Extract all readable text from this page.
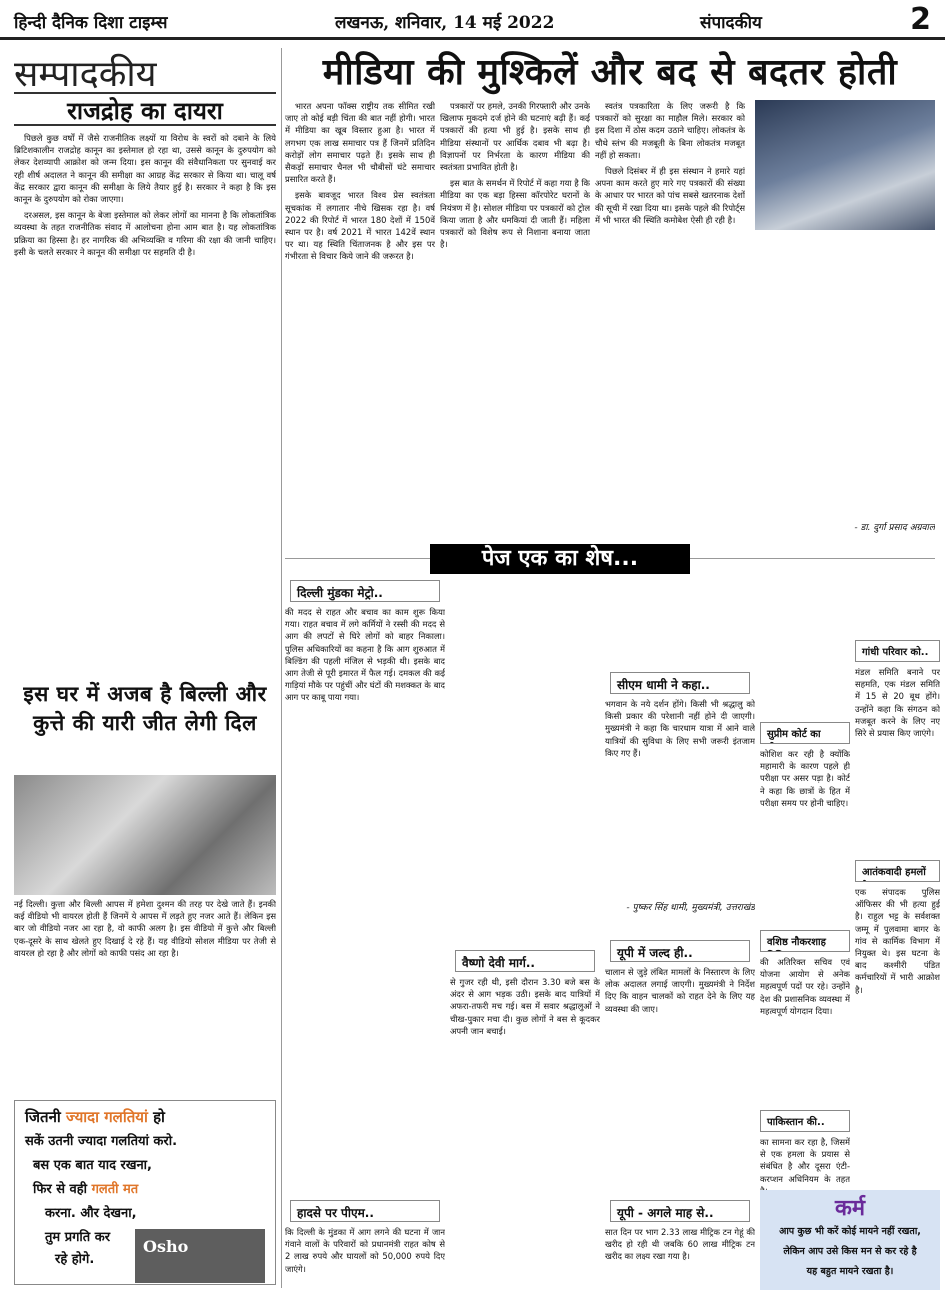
हिन्दी दैनिक दिशा टाइम्स	लखनऊ, शनिवार, 14 मई 2022	संपादकीय	2
सम्पादकीय
राजद्रोह का दायरा

पिछले कुछ वर्षों में जैसे राजनीतिक लक्ष्यों या विरोध के स्वरों को दबाने के लिये ब्रिटिशकालीन राजद्रोह कानून का इस्तेमाल हो रहा था, उससे कानून के दुरुपयोग को लेकर देशव्यापी आक्रोश को जन्म दिया। इस कानून की संवैधानिकता पर सुनवाई कर रही शीर्ष अदालत ने कानून की समीक्षा का आग्रह केंद्र सरकार से किया था। चालू वर्ष केंद्र सरकार द्वारा कानून की समीक्षा के लिये तैयार हुई है। सरकार ने कहा है कि इस कानून के दुरुपयोग को रोका जाएगा।

दरअसल, इस कानून के बेजा इस्तेमाल को लेकर लोगों का मानना है कि लोकतांत्रिक व्यवस्था के तहत राजनीतिक संवाद में आलोचना होना आम बात है। यह लोकतांत्रिक प्रक्रिया का हिस्सा है। हर नागरिक की अभिव्यक्ति व गरिमा की रक्षा की जानी चाहिए। इसी के चलते सरकार ने कानून की समीक्षा पर सहमति दी है।

इस घर में अजब है बिल्ली और कुत्ते की यारी जीत लेगी दिल
नई दिल्ली। कुत्ता और बिल्ली आपस में हमेशा दुश्मन की तरह पर देखे जाते हैं। इनकी कई वीडियो भी वायरल होती हैं जिनमें ये आपस में लड़ते हुए नजर आते हैं। लेकिन इस बार जो वीडियो नजर आ रहा है, वो काफी अलग है। इस वीडियो में कुत्ते और बिल्ली एक-दूसरे के साथ खेलते हुए दिखाई दे रहे हैं। यह वीडियो सोशल मीडिया पर तेजी से वायरल हो रहा है और लोगों को काफी पसंद आ रहा है।
जितनी ज्यादा गलतियां हो
सकें उतनी ज्यादा गलतियां करो.
बस एक बात याद रखना,
फिर से वही गलती मत
करना. और देखना,
तुम प्रगति कर
रहे होगे.
Osho
मीडिया की मुश्किलें और बद से बदतर होती

भारत अपना फॉक्स राष्ट्रीय तक सीमित रखी जाए तो कोई बड़ी चिंता की बात नहीं होगी। भारत में मीडिया का खूब विस्तार हुआ है। भारत में लगभग एक लाख समाचार पत्र हैं जिनमें प्रतिदिन करोड़ों लोग समाचार पढ़ते हैं। इसके साथ ही सैकड़ों समाचार चैनल भी चौबीसों घंटे समाचार प्रसारित करते हैं।

इसके बावजूद भारत विश्व प्रेस स्वतंत्रता सूचकांक में लगातार नीचे खिसक रहा है। वर्ष 2022 की रिपोर्ट में भारत 180 देशों में 150वें स्थान पर है। वर्ष 2021 में भारत 142वें स्थान पर था। यह स्थिति चिंताजनक है और इस पर गंभीरता से विचार किये जाने की जरूरत है।

पत्रकारों पर हमले, उनकी गिरफ्तारी और उनके खिलाफ मुकदमे दर्ज होने की घटनाएं बढ़ी हैं। कई पत्रकारों की हत्या भी हुई है। इसके साथ ही मीडिया संस्थानों पर आर्थिक दबाव भी बढ़ा है। विज्ञापनों पर निर्भरता के कारण मीडिया की स्वतंत्रता प्रभावित होती है।

इस बात के समर्थन में रिपोर्ट में कहा गया है कि मीडिया का एक बड़ा हिस्सा कॉरपोरेट घरानों के नियंत्रण में है। सोशल मीडिया पर पत्रकारों को ट्रोल किया जाता है और धमकियां दी जाती हैं। महिला पत्रकारों को विशेष रूप से निशाना बनाया जाता है।

स्वतंत्र पत्रकारिता के लिए जरूरी है कि पत्रकारों को सुरक्षा का माहौल मिले। सरकार को इस दिशा में ठोस कदम उठाने चाहिए। लोकतंत्र के चौथे स्तंभ की मजबूती के बिना लोकतंत्र मजबूत नहीं हो सकता।

पिछले दिसंबर में ही इस संस्थान ने हमारे यहां अपना काम करते हुए मारे गए पत्रकारों की संख्या के आधार पर भारत को पांच सबसे खतरनाक देशों की सूची में रखा दिया था। इसके पहले की रिपोर्ट्स में भी भारत की स्थिति कमोबेश ऐसी ही रही है।

- डा. दुर्गा प्रसाद अग्रवाल
पेज एक का शेष...
दिल्ली मुंडका मेट्रो..
की मदद से राहत और बचाव का काम शुरू किया गया। राहत बचाव में लगे कर्मियों ने रस्सी की मदद से आग की लपटों से घिरे लोगों को बाहर निकाला। पुलिस अधिकारियों का कहना है कि आग शुरुआत में बिल्डिंग की पहली मंजिल से भड़की थी। इसके बाद आग तेजी से पूरी इमारत में फैल गई। दमकल की कई गाड़ियां मौके पर पहुंचीं और घंटों की मशक्कत के बाद आग पर काबू पाया गया।
हादसे पर पीएम..
कि दिल्ली के मुंडका में आग लगने की घटना में जान गंवाने वालों के परिवारों को प्रधानमंत्री राहत कोष से 2 लाख रुपये और घायलों को 50,000 रुपये दिए जाएंगे।
वैष्णो देवी मार्ग..
से गुजर रही थी, इसी दौरान 3.30 बजे बस के अंदर से आग भड़क उठी। इसके बाद यात्रियों में अफरा-तफरी मच गई। बस में सवार श्रद्धालुओं ने चीख-पुकार मचा दी। कुछ लोगों ने बस से कूदकर अपनी जान बचाई।
सीएम धामी ने कहा..
भगवान के नये दर्शन होंगे। किसी भी श्रद्धालु को किसी प्रकार की परेशानी नहीं होने दी जाएगी। मुख्यमंत्री ने कहा कि चारधाम यात्रा में आने वाले यात्रियों की सुविधा के लिए सभी जरूरी इंतजाम किए गए हैं।
- पुष्कर सिंह धामी, मुख्यमंत्री, उत्तराखंड
यूपी में जल्द ही..
चालान से जुड़े लंबित मामलों के निस्तारण के लिए लोक अदालत लगाई जाएगी। मुख्यमंत्री ने निर्देश दिए कि वाहन चालकों को राहत देने के लिए यह व्यवस्था की जाए।
यूपी - अगले माह से..
सात दिन पर भाग 2.33 लाख मीट्रिक टन गेहूं की खरीद हो रही थी जबकि 60 लाख मीट्रिक टन खरीद का लक्ष्य रखा गया है।
सुप्रीम कोर्ट का
कोशिश कर रही है क्योंकि महामारी के कारण पहले ही परीक्षा पर असर पड़ा है। कोर्ट ने कहा कि छात्रों के हित में परीक्षा समय पर होनी चाहिए।
वशिष्ठ नौकरशाह
की अतिरिक्त सचिव एवं योजना आयोग से अनेक महत्वपूर्ण पदों पर रहे। उन्होंने देश की प्रशासनिक व्यवस्था में महत्वपूर्ण योगदान दिया।
पाकिस्तान की..
का सामना कर रहा है, जिसमें से एक हमला के प्रयास से संबंधित है और दूसरा एंटी-करप्शन अधिनियम के तहत
गांधी परिवार को..
मंडल समिति बनाने पर सहमति, एक मंडल समिति में 15 से 20 बूथ होंगे। उन्होंने कहा कि संगठन को मजबूत करने के लिए नए सिरे से प्रयास किए जाएंगे।
आतंकवादी हमलों
एक संपादक पुलिस ऑफिसर की भी हत्या हुई है। राहुल भट्ट के सर्वशक्त जम्मू में पुलवामा बागर के गांव से कार्मिक विभाग में नियुक्त थे। इस घटना के बाद कश्मीरी पंडित कर्मचारियों में भारी आक्रोश है।
कर्म
आप कुछ भी करें कोई मायने नहीं रखता,
लेकिन आप उसे किस मन से कर रहे है
यह बहुत मायने रखता है।
